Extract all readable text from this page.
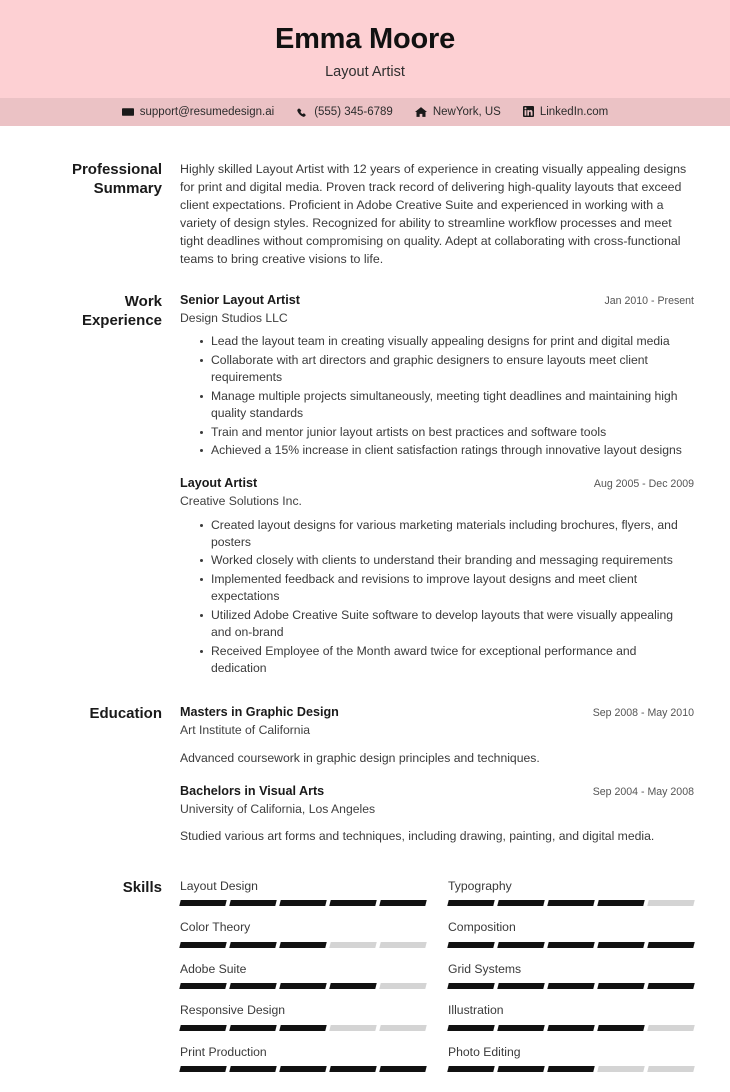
Emma Moore
Layout Artist
support@resumedesign.ai	(555) 345-6789	NewYork, US	LinkedIn.com
Professional
Summary
Highly skilled Layout Artist with 12 years of experience in creating visually appealing designs for print and digital media. Proven track record of delivering high-quality layouts that exceed client expectations. Proficient in Adobe Creative Suite and experienced in working with a variety of design styles. Recognized for ability to streamline workflow processes and meet tight deadlines without compromising on quality. Adept at collaborating with cross-functional teams to bring creative visions to life.
Work
Experience
Senior Layout Artist	Jan 2010 - Present
Design Studios LLC
Lead the layout team in creating visually appealing designs for print and digital media
Collaborate with art directors and graphic designers to ensure layouts meet client requirements
Manage multiple projects simultaneously, meeting tight deadlines and maintaining high quality standards
Train and mentor junior layout artists on best practices and software tools
Achieved a 15% increase in client satisfaction ratings through innovative layout designs
Layout Artist	Aug 2005 - Dec 2009
Creative Solutions Inc.
Created layout designs for various marketing materials including brochures, flyers, and posters
Worked closely with clients to understand their branding and messaging requirements
Implemented feedback and revisions to improve layout designs and meet client expectations
Utilized Adobe Creative Suite software to develop layouts that were visually appealing and on-brand
Received Employee of the Month award twice for exceptional performance and dedication
Education	Masters in Graphic Design	Sep 2008 - May 2010
Art Institute of California
Advanced coursework in graphic design principles and techniques.
Bachelors in Visual Arts	Sep 2004 - May 2008
University of California, Los Angeles
Studied various art forms and techniques, including drawing, painting, and digital media.
Skills	Layout Design	Typography
Color Theory	Composition
Adobe Suite	Grid Systems
Responsive Design	Illustration
Print Production	Photo Editing
